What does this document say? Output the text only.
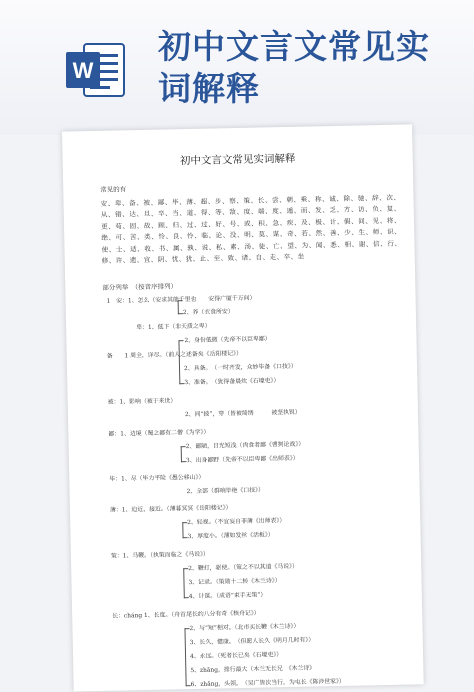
W
初中文言文常见实词解释
初中文言文常见实词解释
常见的有
安、卑、备、被、鄙、毕、薄、超、步、察、策、长、尝、朝、乘、称、诚、除、驰、辞、次、从、错、达、旦、卒、当、道、得、等、敌、度、端、度、遁、而、发、乏、方、访、负、复、更、苟、固、故、顾、归、过、过、好、号、或、积、急、疾、及、极、计、假、间、见、将、绝、可、苦、类、怜、良、怜、临、论、没、明、莫、谋、奇、若、然、善、少、生、师、识、使、士、适、收、书、属、孰、说、私、素、汤、徒、亡、望、为、闻、悉、相、谢、信、行、修、许、遗、宜、阴、忧、犹、止、至、致、诸、自、走、卒、坐
部分列举　（按音序排列）
1　安：1、怎么（安求其能千里也　　安得广厦千万间）
2、养（衣食所安）
卑：1、低下（非天质之卑）
2、身份低微（先帝不以臣卑鄙）
备　　1 周全，详尽。（前人之述备矣《岳阳楼记》）
2、具备。　（一时齐发，众妙毕备《口技》）
3、准备。　（犹得备晨炊《石壕吏》）
被：1、影响（被于来世）
2、同“披”，穿（皆被绮绣　　　被坚执锐）
鄙：1、边境（蜀之鄙有二僧《为学》）
2、鄙陋，目光短浅（肉食者鄙《曹刿论战》）
3、出身鄙野（先帝不以臣卑鄙《出师表》）
毕：1、尽（毕力平险《愚公移山》）
2、全部（群响毕绝《口技》）
薄：1、迫近，接近。（薄暮冥冥《岳阳楼记》）
2、轻视。（不宜妄自菲薄《出师表》）
3、厚度小。（薄如发丝《活板》）
策：1、马鞭。（执策而临之《马说》）
2、鞭打，驱使。（策之不以其道《马说》）
3、记录。（策勋十二转《木兰诗》）
4、计谋。（成语“束手无策”）
长：cháng 1、长度。（舟首尾长约八分有奇《核舟记》）
2、与“短”相对。（北市买长鞭《木兰诗》）
3、长久，健康。　（但愿人长久《明月几时有》）
4、永远。（死者长已矣《石壕吏》）
5、zhǎng，排行最大（木兰无长兄　《木兰诗》
6、zhǎng，头领。　（吴广皆次当行，为屯长《陈涉世家》）
